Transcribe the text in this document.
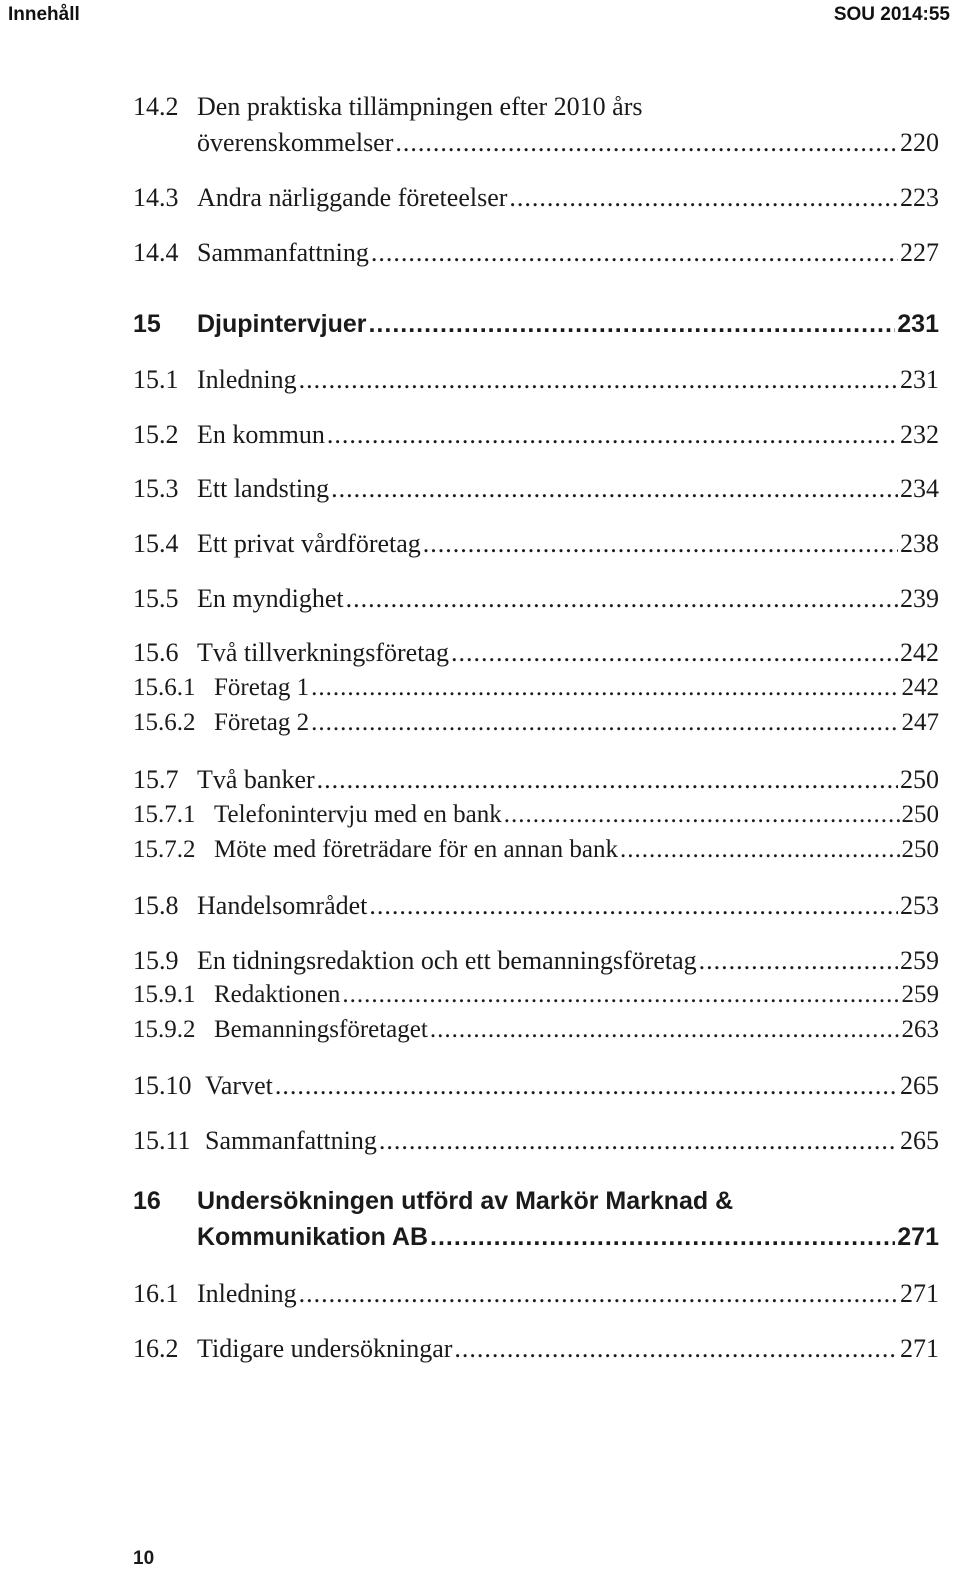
Innehåll	SOU 2014:55
14.2 Den praktiska tillämpningen efter 2010 års
överenskommelser .....	220
14.3 Andra närliggande företeelser .....	223
14.4 Sammanfattning .....	227
15	Djupintervjuer .....	231
15.1 Inledning .....	231
15.2 En kommun .....	232
15.3 Ett landsting .....	234
15.4 Ett privat vårdföretag .....	238
15.5 En myndighet .....	239
15.6 Två tillverkningsföretag .....	242
15.6.1 Företag 1 .....	242
15.6.2 Företag 2 .....	247
15.7 Två banker .....	250
15.7.1 Telefonintervju med en bank .....	250
15.7.2 Möte med företrädare för en annan bank .....	250
15.8 Handelsområdet .....	253
15.9 En tidningsredaktion och ett bemanningsföretag .....	259
15.9.1 Redaktionen .....	259
15.9.2 Bemanningsföretaget .....	263
15.10 Varvet .....	265
15.11 Sammanfattning .....	265
16 Undersökningen utförd av Markör Marknad &
Kommunikation AB .....	271
16.1 Inledning .....	271
16.2 Tidigare undersökningar .....	271
10
